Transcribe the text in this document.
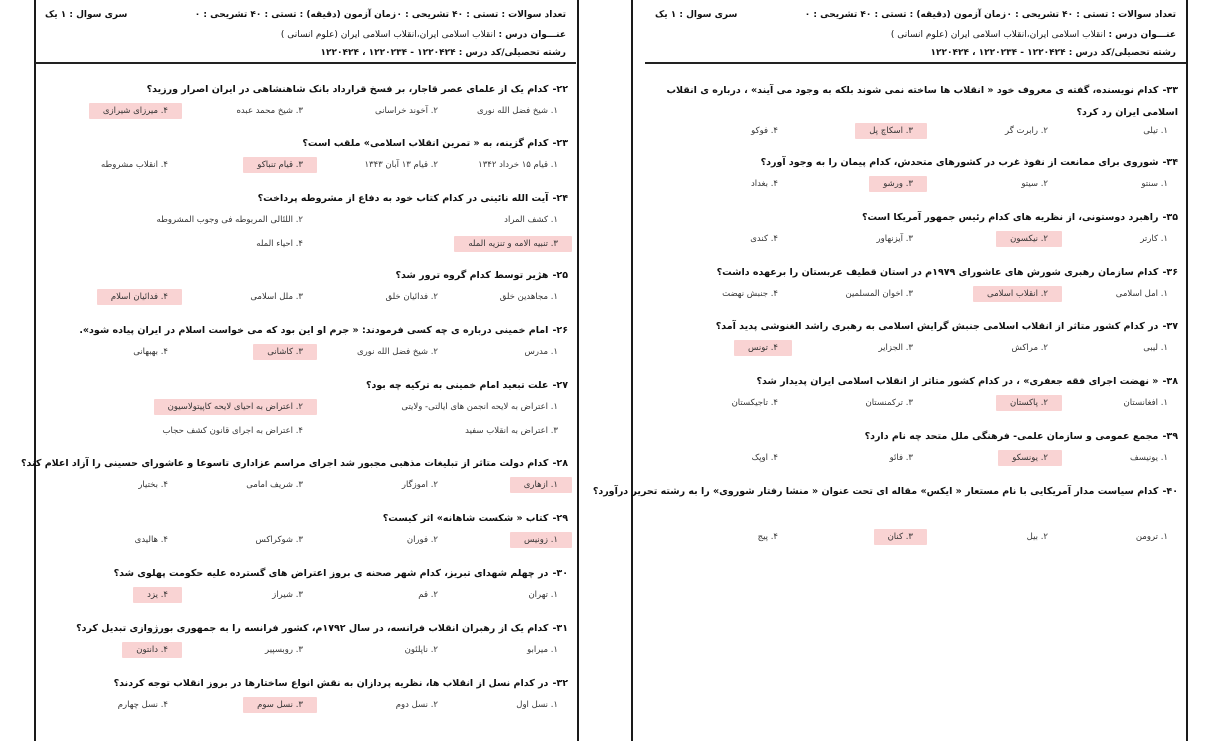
تعداد سوالات : تستی : ۴۰ تشریحی : ۰
زمان آزمون (دقیقه) : تستی : ۴۰ تشریحی : ۰
سری سوال : ۱ یک
عنـــوان درس : انقلاب اسلامی ایران،انقلاب اسلامی ایران (علوم انسانی )
رشته تحصیلی/کد درس : ۱۲۲۰۴۲۴ - ۱۲۲۰۲۳۴ ، ۱۲۲۰۴۲۴
۲۲-کدام یک از علمای عصر قاجار، بر فسخ قرارداد بانک شاهنشاهی در ایران اصرار ورزید؟
۱. شیخ فضل الله نوری
۲. آخوند خراسانی
۳. شیخ محمد عبده
۴. میرزای شیرازی
۲۳-کدام گزینه، به « تمرین انقلاب اسلامی» ملقب است؟
۱. قیام ۱۵ خرداد ۱۳۴۲
۲. قیام ۱۳ آبان ۱۳۴۳
۳. قیام تنباکو
۴. انقلاب مشروطه
۲۴-آیت الله نائینی در کدام کتاب خود به دفاع از مشروطه پرداخت؟
۱. کشف المراد
۲. اللئالی المربوطه فی وجوب المشروطه
۳. تنبیه الامه و تنزیه المله
۴. احیاء المله
۲۵-هژیر توسط کدام گروه ترور شد؟
۱. مجاهدین خلق
۲. فدائیان خلق
۳. ملل اسلامی
۴. فدائیان اسلام
۲۶-امام خمینی درباره ی چه کسی فرمودند: « جرم او این بود که می خواست اسلام در ایران پیاده شود».
۱. مدرس
۲. شیخ فضل الله نوری
۳. کاشانی
۴. بهبهانی
۲۷-علت تبعید امام خمینی به ترکیه چه بود؟
۱. اعتراض به لایحه انجمن های ایالتی- ولایتی
۲. اعتراض به احیای لایحه کاپیتولاسیون
۳. اعتراض به انقلاب سفید
۴. اعتراض به اجرای قانون کشف حجاب
۲۸-کدام دولت متاثر از تبلیغات مذهبی مجبور شد اجرای مراسم عزاداری تاسوعا و عاشورای حسینی را آزاد اعلام کند؟
۱. ازهاری
۲. اموزگار
۳. شریف امامی
۴. بختیار
۲۹-کتاب « شکست شاهانه» اثر کیست؟
۱. زونیس
۲. فوران
۳. شوکراکس
۴. هالیدی
۳۰-در چهلم شهدای تبریز، کدام شهر صحنه ی بروز اعتراض های گسترده علیه حکومت پهلوی شد؟
۱. تهران
۲. قم
۳. شیراز
۴. یزد
۳۱-کدام یک از رهبران انقلاب فرانسه، در سال ۱۷۹۲م، کشور فرانسه را به جمهوری بورژوازی تبدیل کرد؟
۱. میرابو
۲. ناپلئون
۳. روبسپیر
۴. دانتون
۳۲-در کدام نسل از انقلاب ها، نظریه پردازان به نقش انواع ساختارها در بروز انقلاب توجه کردند؟
۱. نسل اول
۲. نسل دوم
۳. نسل سوم
۴. نسل چهارم
تعداد سوالات : تستی : ۴۰ تشریحی : ۰
زمان آزمون (دقیقه) : تستی : ۴۰ تشریحی : ۰
سری سوال : ۱ یک
عنـــوان درس : انقلاب اسلامی ایران،انقلاب اسلامی ایران (علوم انسانی )
رشته تحصیلی/کد درس : ۱۲۲۰۴۲۴ - ۱۲۲۰۲۳۴ ، ۱۲۲۰۴۲۴
۳۳-کدام نویسنده، گفته ی معروف خود « انقلاب ها ساخته نمی شوند بلکه به وجود می آیند» ، درباره ی انقلاب اسلامی ایران رد کرد؟
۱. تیلی
۲. رابرت گر
۳. اسکاچ پل
۴. فوکو
۳۴-شوروی برای ممانعت از نفوذ غرب در کشورهای متحدش، کدام پیمان را به وجود آورد؟
۱. سنتو
۲. سیتو
۳. ورشو
۴. بغداد
۳۵-راهبرد دوستونی، از نظریه های کدام رئیس جمهور آمریکا است؟
۱. کارتر
۲. نیکسون
۳. آیزنهاور
۴. کندی
۳۶-کدام سازمان رهبری شورش های عاشورای ۱۹۷۹م در استان قطیف عربستان را برعهده داشت؟
۱. امل اسلامی
۲. انقلاب اسلامی
۳. اخوان المسلمین
۴. جنبش نهضت
۳۷-در کدام کشور متاثر از انقلاب اسلامی جنبش گرایش اسلامی به رهبری راشد الغنوشی پدید آمد؟
۱. لیبی
۲. مراکش
۳. الجزایر
۴. تونس
۳۸-« نهضت اجرای فقه جعفری» ، در کدام کشور متاثر از انقلاب اسلامی ایران پدیدار شد؟
۱. افغانستان
۲. پاکستان
۳. ترکمنستان
۴. تاجیکستان
۳۹-مجمع عمومی و سازمان علمی- فرهنگی ملل متحد چه نام دارد؟
۱. یونیسف
۲. یونسکو
۳. فائو
۴. اوپک
۴۰-کدام سیاست مدار آمریکایی با نام مستعار « ایکس» مقاله ای تحت عنوان « منشا رفتار شوروی» را به رشته تحریر درآورد؟
۱. ترومن
۲. بیل
۳. کنان
۴. پیج
